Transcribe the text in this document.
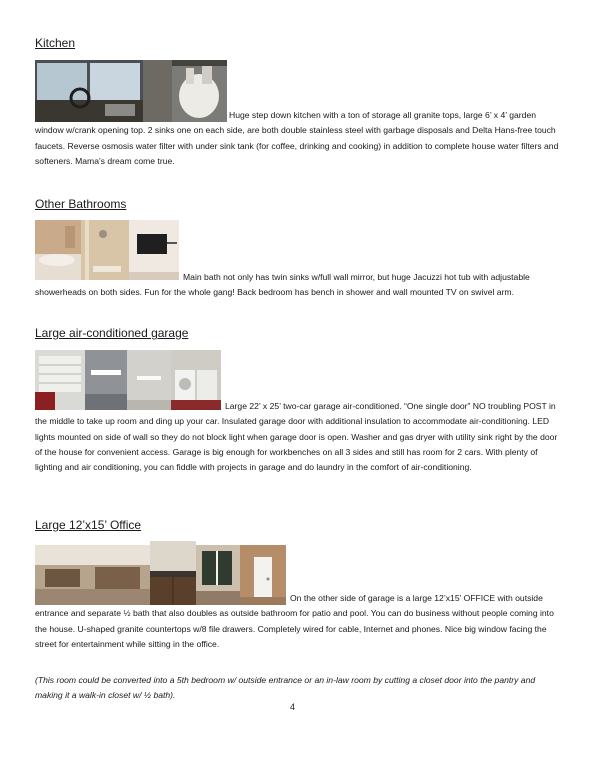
Kitchen

Huge step down kitchen with a ton of storage all granite tops, large 6’ x 4’ garden window w/crank opening top. 2 sinks one on each side, are both double stainless steel with garbage disposals and Delta Hans-free touch faucets. Reverse osmosis water filter with under sink tank (for coffee, drinking and cooking) in addition to complete house water filters and softeners. Mama's dream come true.

Other Bathrooms

Main bath not only has twin sinks w/full wall mirror, but huge Jacuzzi hot tub with adjustable showerheads on both sides. Fun for the whole gang! Back bedroom has bench in shower and wall mounted TV on swivel arm.

Large air-conditioned garage

Large 22’ x 25’ two-car garage air-conditioned. “One single door” NO troubling POST in the middle to take up room and ding up your car. Insulated garage door with additional insulation to accommodate air-conditioning. LED lights mounted on side of wall so they do not block light when garage door is open. Washer and gas dryer with utility sink right by the door of the house for convenient access. Garage is big enough for workbenches on all 3 sides and still has room for 2 cars. With plenty of lighting and air conditioning, you can fiddle with projects in garage and do laundry in the comfort of air-conditioning.

Large 12’x15’ Office

On the other side of garage is a large 12’x15’ OFFICE with outside entrance and separate ½ bath that also doubles as outside bathroom for patio and pool. You can do business without people coming into the house. U-shaped granite countertops w/8 file drawers. Completely wired for cable, Internet and phones. Nice big window facing the street for entertainment while sitting in the office.

(This room could be converted into a 5th bedroom w/ outside entrance or an in-law room by cutting a closet door into the pantry and making it a walk-in closet w/ ½ bath).

4
